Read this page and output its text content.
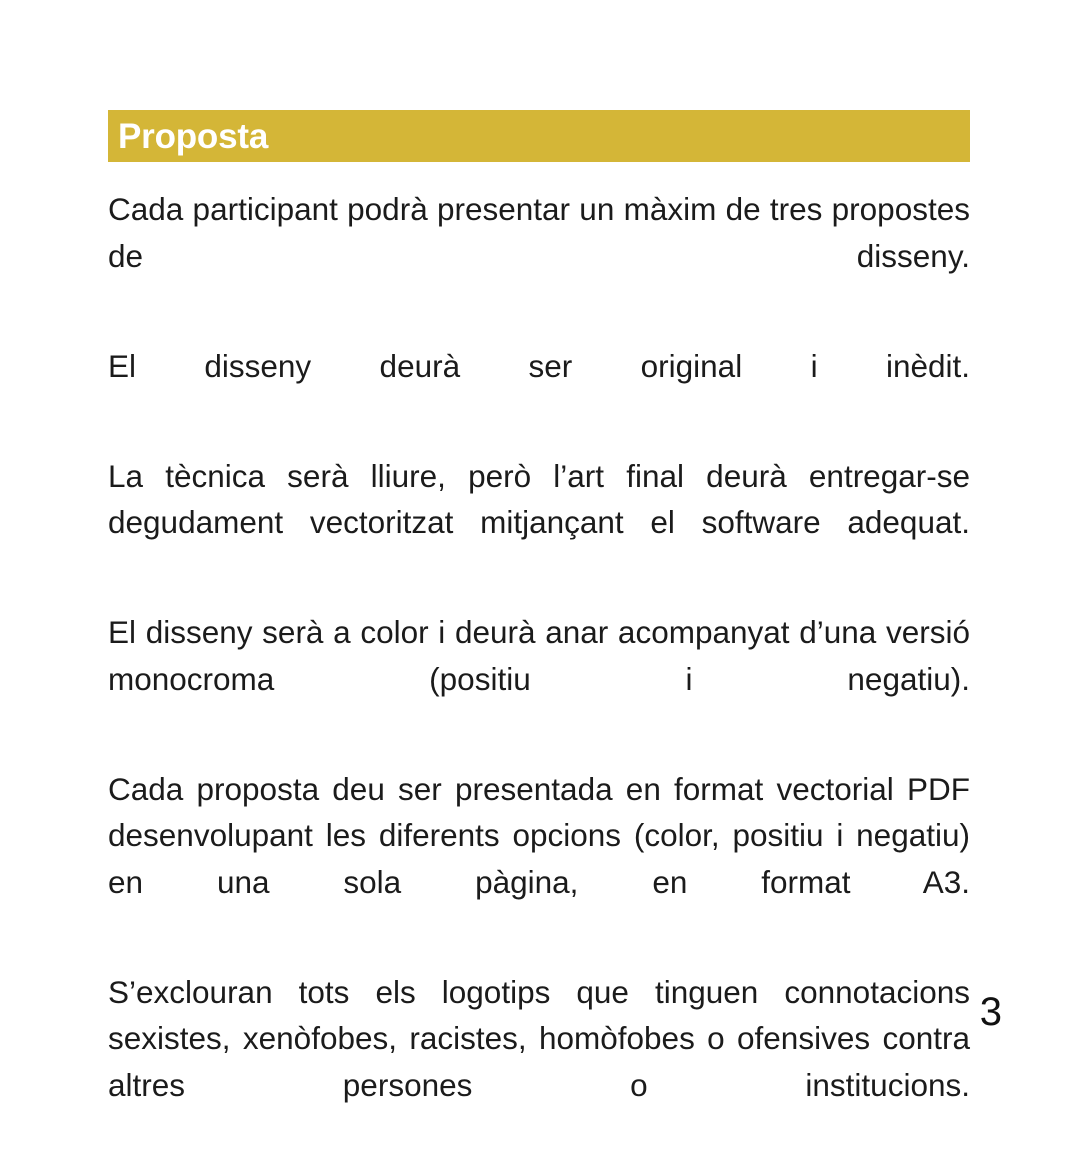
Proposta

Cada participant podrà presentar un màxim de tres propostes de disseny.

El disseny deurà ser original i inèdit.

La tècnica serà lliure, però l’art final deurà entregar-se degudament vectoritzat mitjançant el software adequat.

El disseny serà a color i deurà anar acompanyat d’una versió monocroma (positiu i negatiu).

Cada proposta deu ser presentada en format vectorial PDF desenvolupant les diferents opcions (color, positiu i negatiu) en una sola pàgina, en format A3.

S’exclouran tots els logotips que tinguen connotacions sexistes, xenòfobes, racistes, homòfobes o ofensives contra altres persones o institucions.

3
